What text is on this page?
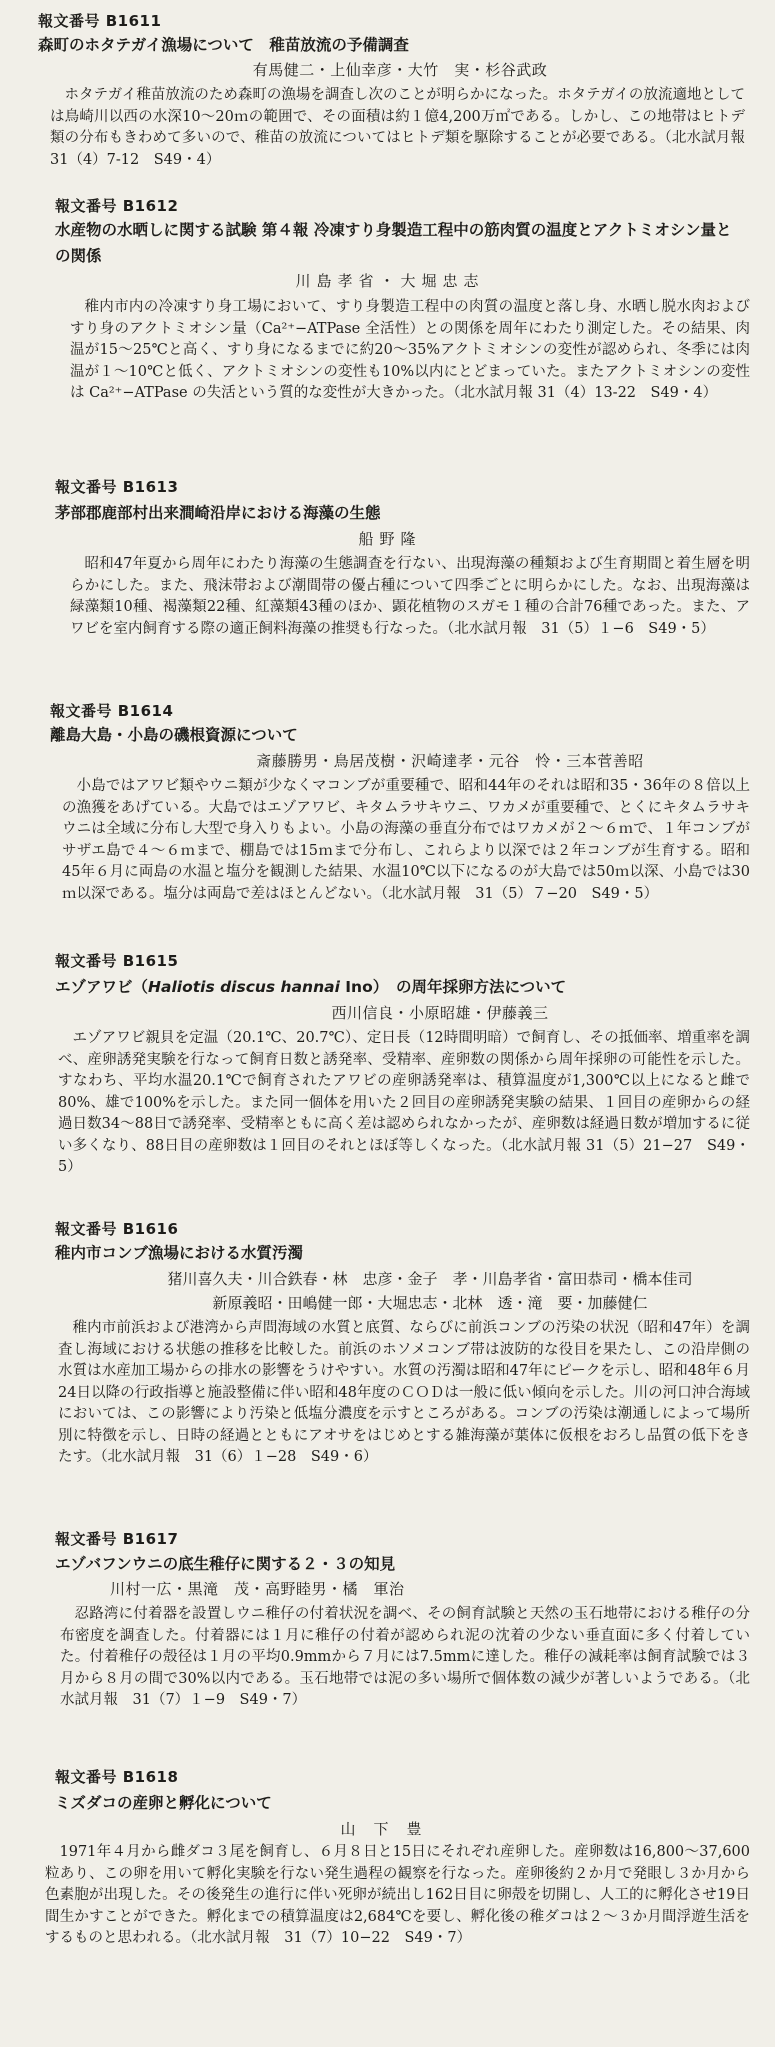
報文番号 B1611
森町のホタテガイ漁場について　稚苗放流の予備調査
有馬健二・上仙幸彦・大竹　実・杉谷武政
ホタテガイ稚苗放流のため森町の漁場を調査し次のことが明らかになった。ホタテガイの放流適地としては鳥崎川以西の水深10〜20ｍの範囲で、その面積は約１億4,200万㎡である。しかし、この地帯はヒトデ類の分布もきわめて多いので、稚苗の放流についてはヒトデ類を駆除することが必要である。（北水試月報 31（4）7-12　S49・4）
報文番号 B1612
水産物の水晒しに関する試験 第４報 冷凍すり身製造工程中の筋肉質の温度とアクトミオシン量との関係
川島孝省・大堀忠志
稚内市内の冷凍すり身工場において、すり身製造工程中の肉質の温度と落し身、水晒し脱水肉およびすり身のアクトミオシン量（Ca²⁺−ATPase 全活性）との関係を周年にわたり測定した。その結果、肉温が15〜25℃と高く、すり身になるまでに約20〜35%アクトミオシンの変性が認められ、冬季には肉温が１〜10℃と低く、アクトミオシンの変性も10%以内にとどまっていた。またアクトミオシンの変性は Ca²⁺−ATPase の失活という質的な変性が大きかった。（北水試月報 31（4）13-22　S49・4）
報文番号 B1613
茅部郡鹿部村出来澗崎沿岸における海藻の生態
船野隆
昭和47年夏から周年にわたり海藻の生態調査を行ない、出現海藻の種類および生育期間と着生層を明らかにした。また、飛沫帯および潮間帯の優占種について四季ごとに明らかにした。なお、出現海藻は緑藻類10種、褐藻類22種、紅藻類43種のほか、顕花植物のスガモ１種の合計76種であった。また、アワビを室内飼育する際の適正飼料海藻の推奨も行なった。（北水試月報　31（5）１−6　S49・5）
報文番号 B1614
離島大島・小島の磯根資源について
斎藤勝男・鳥居茂樹・沢崎達孝・元谷　怜・三本菅善昭
小島ではアワビ類やウニ類が少なくマコンブが重要種で、昭和44年のそれは昭和35・36年の８倍以上の漁獲をあげている。大島ではエゾアワビ、キタムラサキウニ、ワカメが重要種で、とくにキタムラサキウニは全域に分布し大型で身入りもよい。小島の海藻の垂直分布ではワカメが２〜６ｍで、１年コンブがサザエ島で４〜６ｍまで、棚島では15ｍまで分布し、これらより以深では２年コンブが生育する。昭和45年６月に両島の水温と塩分を観測した結果、水温10℃以下になるのが大島では50ｍ以深、小島では30ｍ以深である。塩分は両島で差はほとんどない。（北水試月報　31（5）７−20　S49・5）
報文番号 B1615
エゾアワビ（Haliotis discus hannai Ino）　の周年採卵方法について
西川信良・小原昭雄・伊藤義三
エゾアワビ親貝を定温（20.1℃、20.7℃）、定日長（12時間明暗）で飼育し、その抵価率、増重率を調べ、産卵誘発実験を行なって飼育日数と誘発率、受精率、産卵数の関係から周年採卵の可能性を示した。すなわち、平均水温20.1℃で飼育されたアワビの産卵誘発率は、積算温度が1,300℃以上になると雌で80%、雄で100%を示した。また同一個体を用いた２回目の産卵誘発実験の結果、１回目の産卵からの経過日数34〜88日で誘発率、受精率ともに高く差は認められなかったが、産卵数は経過日数が増加するに従い多くなり、88日目の産卵数は１回目のそれとほぼ等しくなった。（北水試月報 31（5）21−27　S49・5）
報文番号 B1616
稚内市コンブ漁場における水質汚濁
猪川喜久夫・川合鉄春・林　忠彦・金子　孝・川島孝省・富田恭司・橋本佳司
新原義昭・田嶋健一郎・大堀忠志・北林　透・滝　要・加藤健仁
稚内市前浜および港湾から声問海域の水質と底質、ならびに前浜コンブの汚染の状況（昭和47年）を調査し海域における状態の推移を比較した。前浜のホソメコンブ帯は波防的な役目を果たし、この沿岸側の水質は水産加工場からの排水の影響をうけやすい。水質の汚濁は昭和47年にピークを示し、昭和48年６月24日以降の行政指導と施設整備に伴い昭和48年度のＣＯＤは一般に低い傾向を示した。川の河口沖合海域においては、この影響により汚染と低塩分濃度を示すところがある。コンブの汚染は潮通しによって場所別に特徴を示し、日時の経過とともにアオサをはじめとする雑海藻が葉体に仮根をおろし品質の低下をきたす。（北水試月報　31（6）１−28　S49・6）
報文番号 B1617
エゾバフンウニの底生稚仔に関する２・３の知見
川村一広・黒滝　茂・高野睦男・橘　軍治
忍路湾に付着器を設置しウニ稚仔の付着状況を調べ、その飼育試験と天然の玉石地帯における稚仔の分布密度を調査した。付着器には１月に稚仔の付着が認められ泥の沈着の少ない垂直面に多く付着していた。付着稚仔の殻径は１月の平均0.9mmから７月には7.5mmに達した。稚仔の減耗率は飼育試験では３月から８月の間で30%以内である。玉石地帯では泥の多い場所で個体数の減少が著しいようである。（北水試月報　31（7）１−9　S49・7）
報文番号 B1618
ミズダコの産卵と孵化について
山下豊
1971年４月から雌ダコ３尾を飼育し、６月８日と15日にそれぞれ産卵した。産卵数は16,800〜37,600粒あり、この卵を用いて孵化実験を行ない発生過程の観察を行なった。産卵後約２か月で発眼し３か月から色素胞が出現した。その後発生の進行に伴い死卵が続出し162日目に卵殻を切開し、人工的に孵化させ19日間生かすことができた。孵化までの積算温度は2,684℃を要し、孵化後の稚ダコは２〜３か月間浮遊生活をするものと思われる。（北水試月報　31（7）10−22　S49・7）
